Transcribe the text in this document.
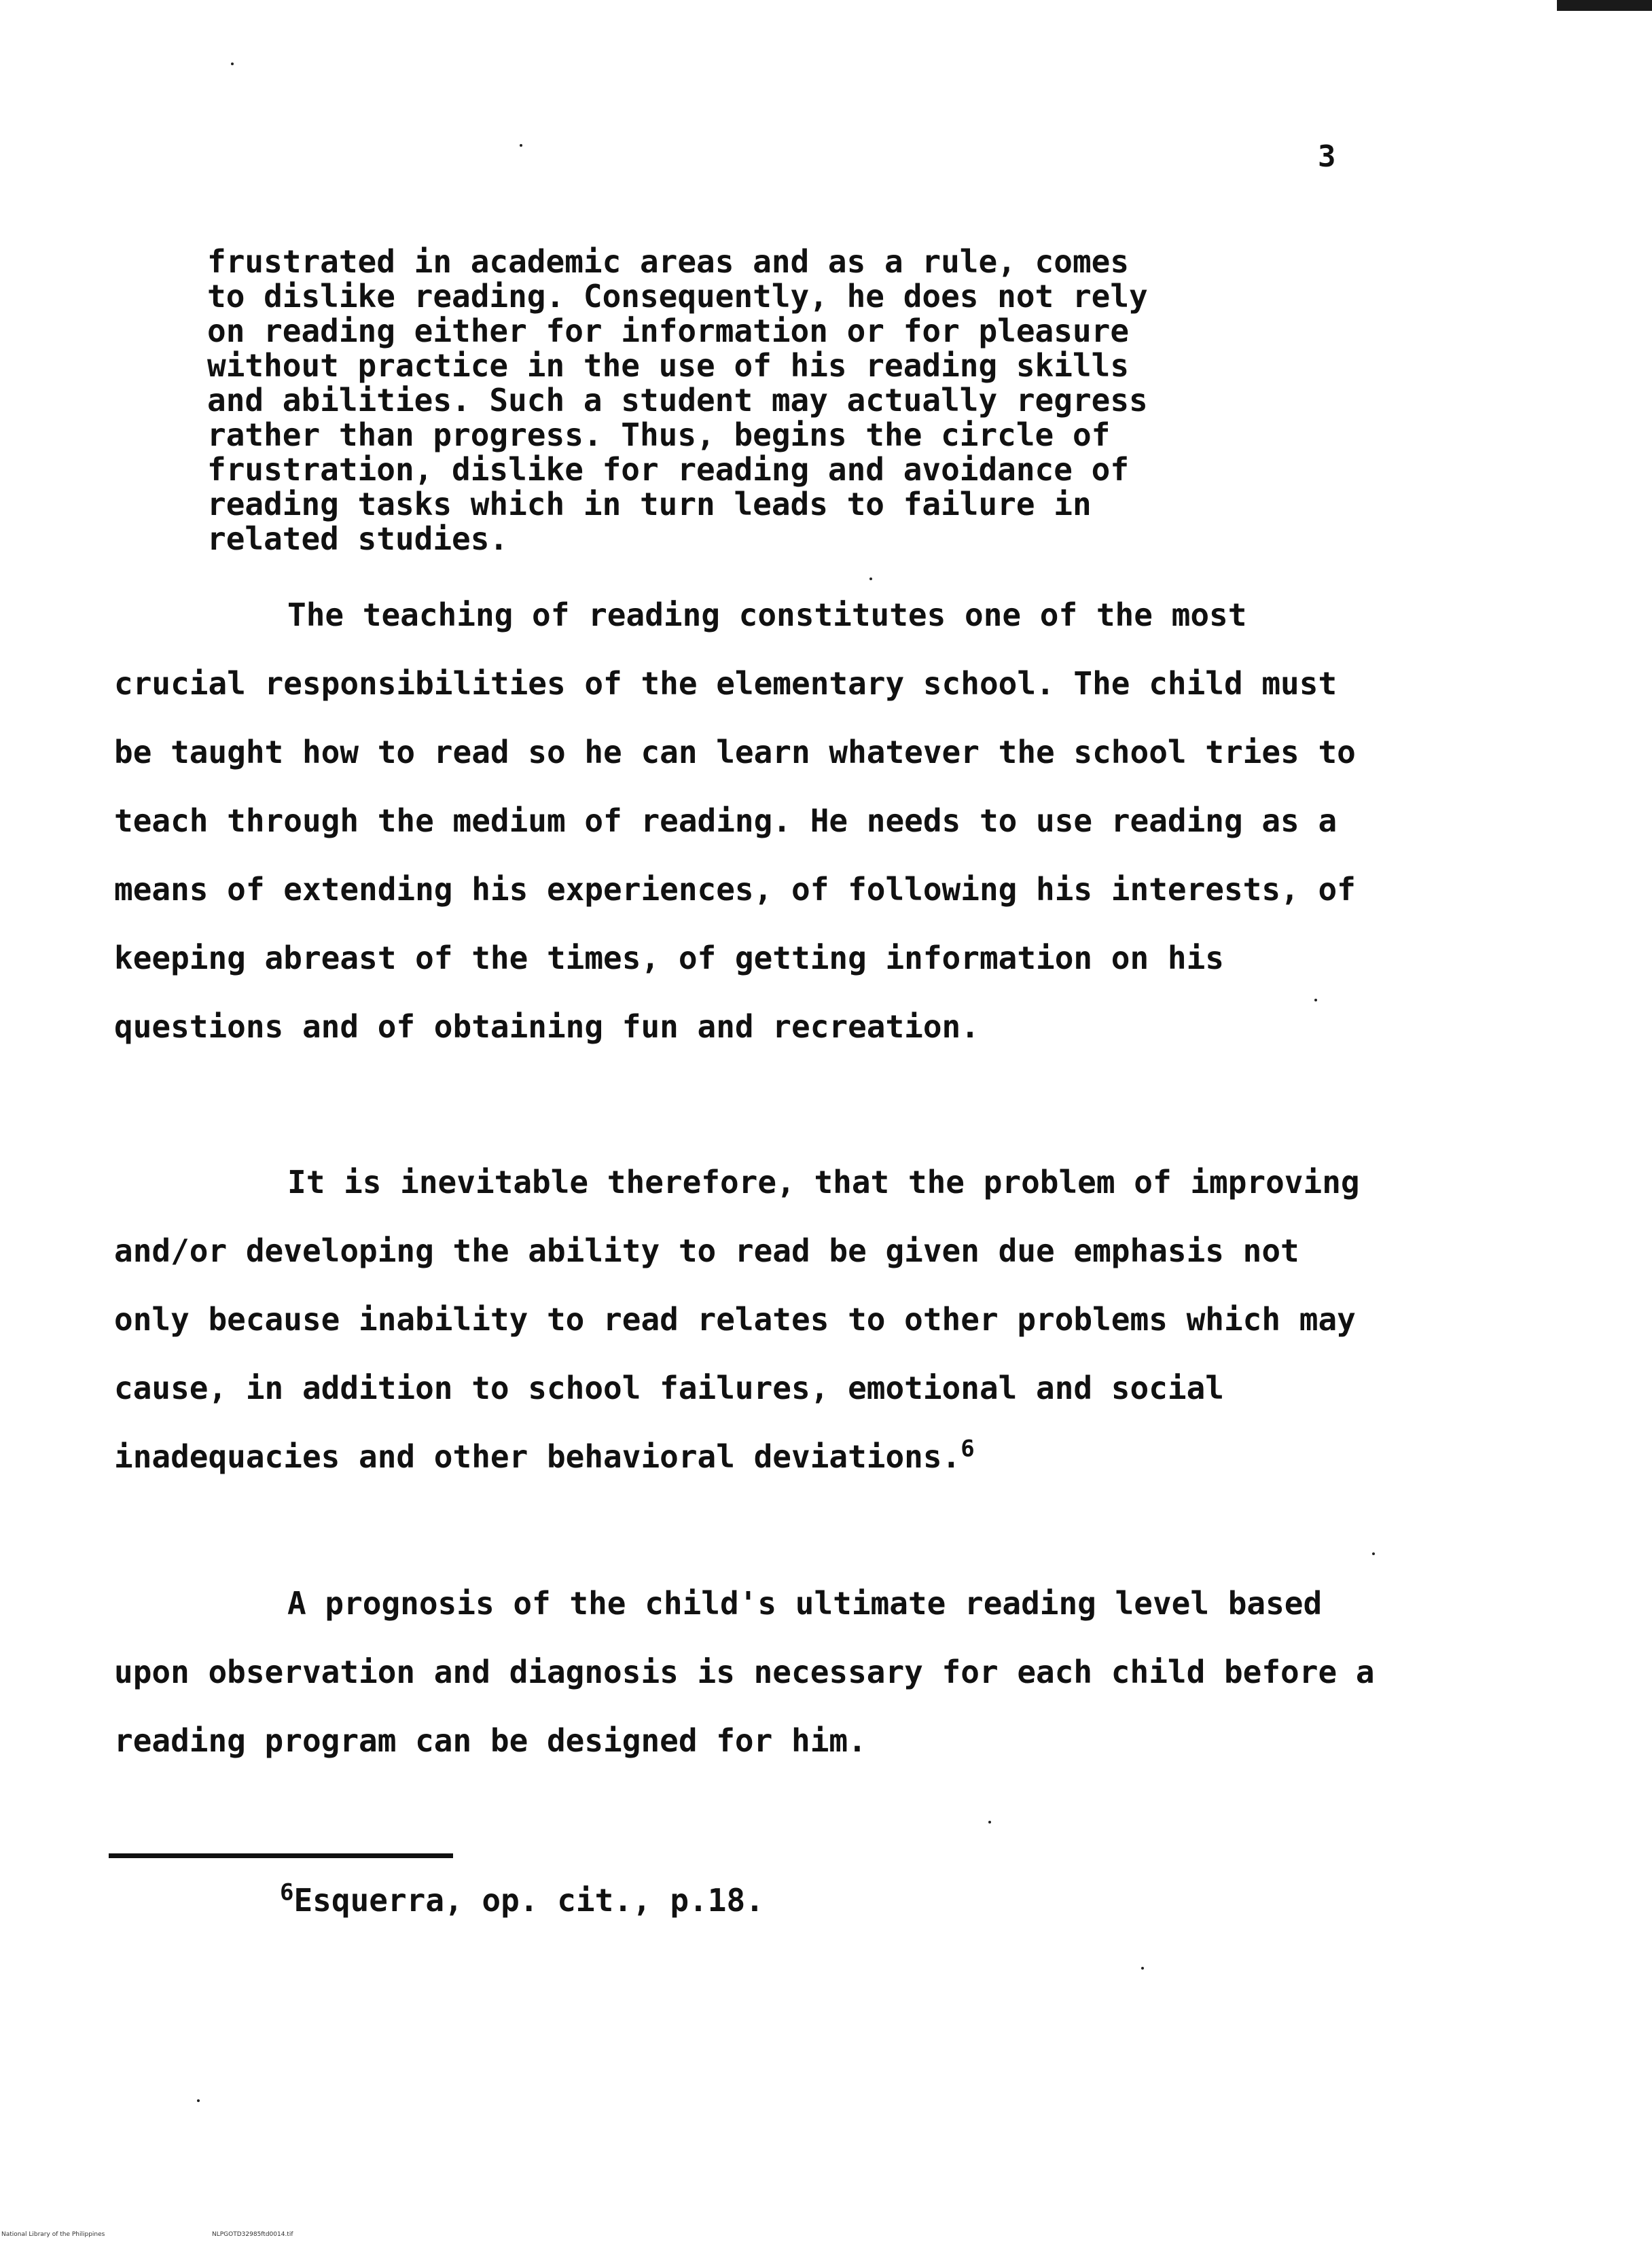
3

frustrated in academic areas and as a rule, comes
to dislike reading. Consequently, he does not rely
on reading either for information or for pleasure
without practice in the use of his reading skills
and abilities. Such a student may actually regress
rather than progress. Thus, begins the circle of
frustration, dislike for reading and avoidance of
reading tasks which in turn leads to failure in
related studies.

The teaching of reading constitutes one of the most crucial responsibilities of the elementary school. The child must be taught how to read so he can learn whatever the school tries to teach through the medium of reading. He needs to use reading as a means of extending his experiences, of following his interests, of keeping abreast of the times, of getting information on his questions and of obtaining fun and recreation.

It is inevitable therefore, that the problem of improving and/or developing the ability to read be given due emphasis not only because inability to read relates to other problems which may cause, in addition to school failures, emotional and social inadequacies and other behavioral deviations.$^6$

A prognosis of the child's ultimate reading level based upon observation and diagnosis is necessary for each child before a reading program can be designed for him.

$^6$Esquerra, op. cit., p.18.

National Library of the Philippines	NLPGOTD32985ftd0014.tif
